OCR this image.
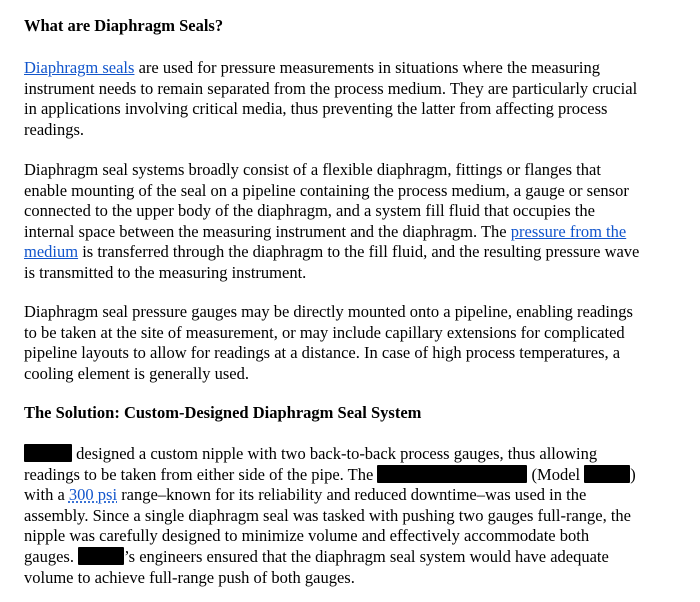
What are Diaphragm Seals?
Diaphragm seals are used for pressure measurements in situations where the measuring
instrument needs to remain separated from the process medium. They are particularly crucial
in applications involving critical media, thus preventing the latter from affecting process
readings.
Diaphragm seal systems broadly consist of a flexible diaphragm, fittings or flanges that
enable mounting of the seal on a pipeline containing the process medium, a gauge or sensor
connected to the upper body of the diaphragm, and a system fill fluid that occupies the
internal space between the measuring instrument and the diaphragm. The pressure from the
medium is transferred through the diaphragm to the fill fluid, and the resulting pressure wave
is transmitted to the measuring instrument.
Diaphragm seal pressure gauges may be directly mounted onto a pipeline, enabling readings
to be taken at the site of measurement, or may include capillary extensions for complicated
pipeline layouts to allow for readings at a distance. In case of high process temperatures, a
cooling element is generally used.
The Solution: Custom-Designed Diaphragm Seal System
designed a custom nipple with two back-to-back process gauges, thus allowing
readings to be taken from either side of the pipe. The	(Model	)
with a 300 psi range–known for its reliability and reduced downtime–was used in the
assembly. Since a single diaphragm seal was tasked with pushing two gauges full-range, the
nipple was carefully designed to minimize volume and effectively accommodate both
gauges.	’s engineers ensured that the diaphragm seal system would have adequate
volume to achieve full-range push of both gauges.
